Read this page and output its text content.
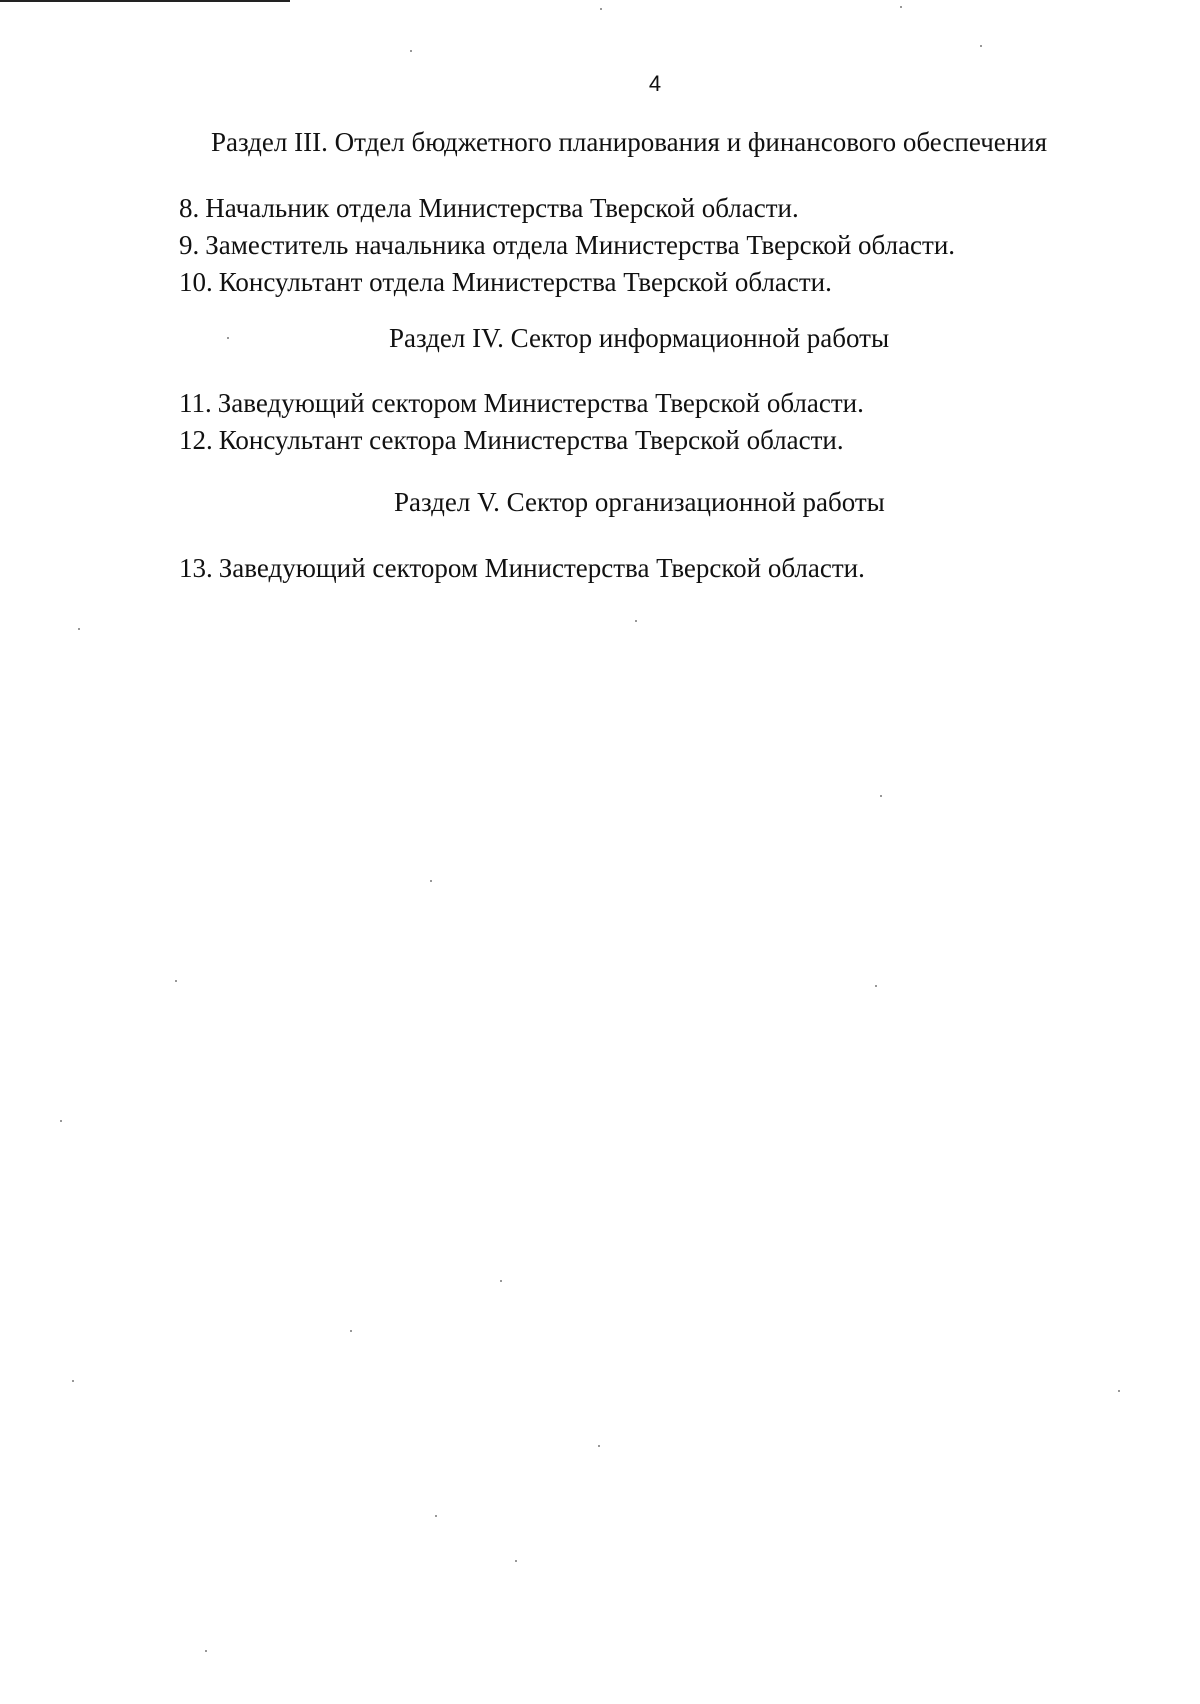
4
Раздел III. Отдел бюджетного планирования и финансового обеспечения
8. Начальник отдела Министерства Тверской области.
9. Заместитель начальника отдела Министерства Тверской области.
10. Консультант отдела Министерства Тверской области.
Раздел IV. Сектор информационной работы
11. Заведующий сектором Министерства Тверской области.
12. Консультант сектора Министерства Тверской области.
Раздел V. Сектор организационной работы
13. Заведующий сектором Министерства Тверской области.
